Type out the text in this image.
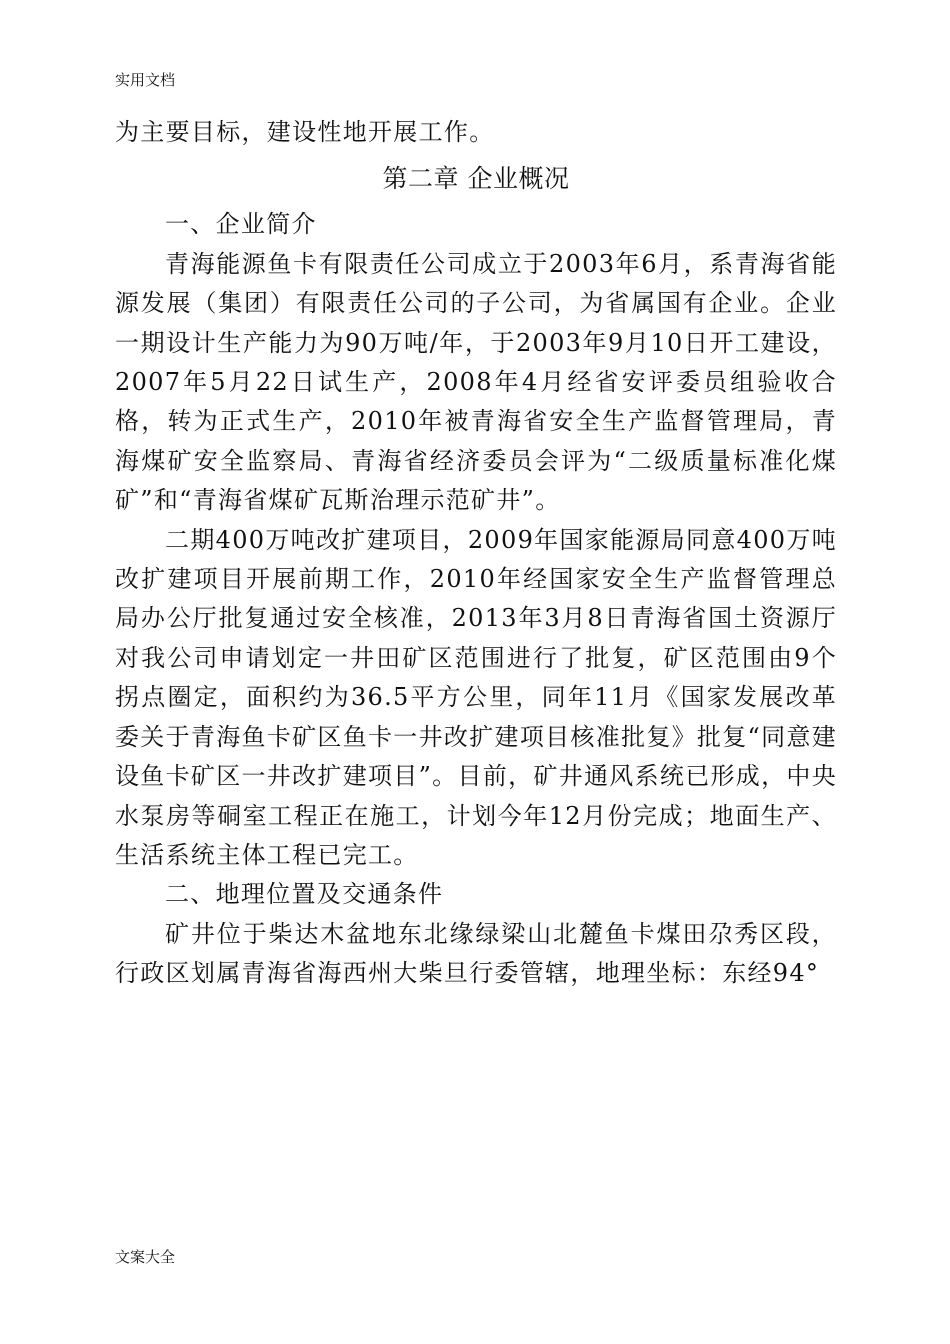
实用文档

为主要目标，建设性地开展工作。

第二章 企业概况

一、企业简介

青海能源鱼卡有限责任公司成立于2003年6月，系青海省能源发展（集团）有限责任公司的子公司，为省属国有企业。企业一期设计生产能力为90万吨/年，于2003年9月10日开工建设，2007年5月22日试生产，2008年4月经省安评委员组验收合格，转为正式生产，2010年被青海省安全生产监督管理局，青海煤矿安全监察局、青海省经济委员会评为“二级质量标准化煤矿”和“青海省煤矿瓦斯治理示范矿井”。

二期400万吨改扩建项目，2009年国家能源局同意400万吨改扩建项目开展前期工作，2010年经国家安全生产监督管理总局办公厅批复通过安全核准，2013年3月8日青海省国土资源厅对我公司申请划定一井田矿区范围进行了批复，矿区范围由9个拐点圈定，面积约为36.5平方公里，同年11月《国家发展改革委关于青海鱼卡矿区鱼卡一井改扩建项目核准批复》批复“同意建设鱼卡矿区一井改扩建项目”。目前，矿井通风系统已形成，中央水泵房等硐室工程正在施工，计划今年12月份完成；地面生产、生活系统主体工程已完工。

二、地理位置及交通条件

矿井位于柴达木盆地东北缘绿梁山北麓鱼卡煤田尕秀区段，行政区划属青海省海西州大柴旦行委管辖，地理坐标：东经94°

文案大全
